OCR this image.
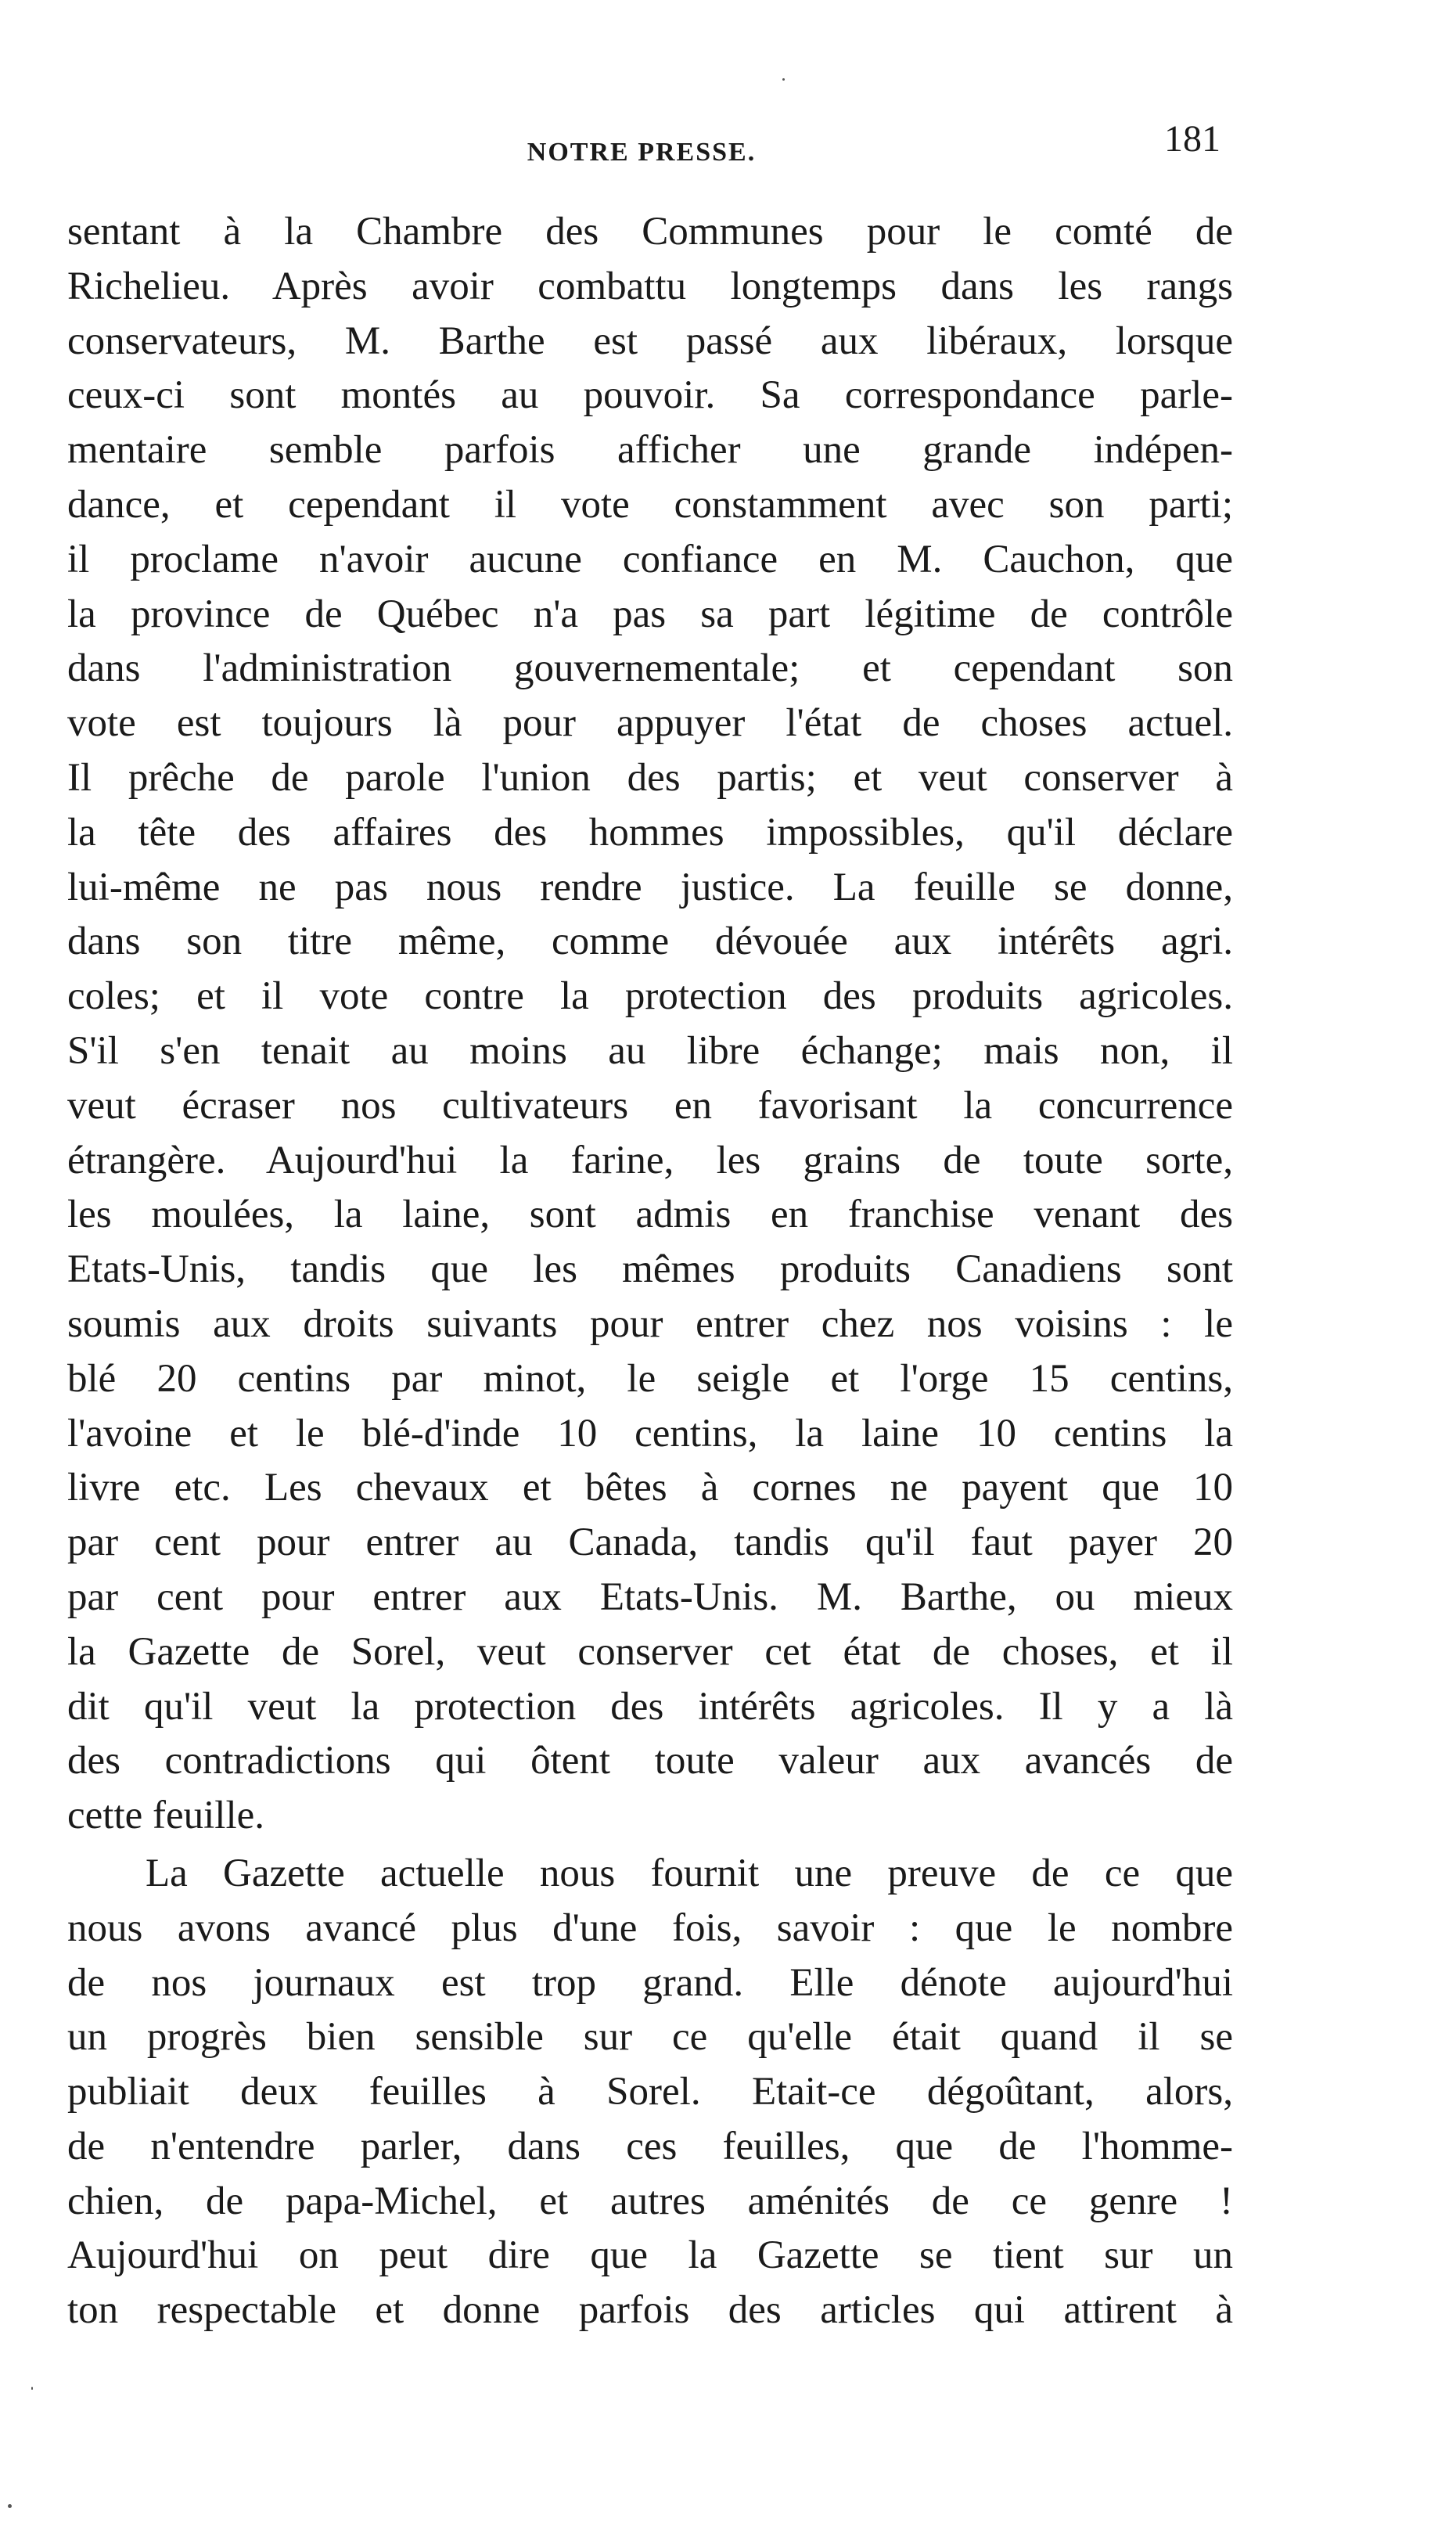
NOTRE PRESSE.	181

sentant à la Chambre des Communes pour le comté de
Richelieu. Après avoir combattu longtemps dans les rangs
conservateurs, M. Barthe est passé aux libéraux, lorsque
ceux-ci sont montés au pouvoir. Sa correspondance parle-
mentaire semble parfois afficher une grande indépen-
dance, et cependant il vote constamment avec son parti;
il proclame n'avoir aucune confiance en M. Cauchon, que
la province de Québec n'a pas sa part légitime de contrôle
dans l'administration gouvernementale; et cependant son
vote est toujours là pour appuyer l'état de choses actuel.
Il prêche de parole l'union des partis; et veut conserver à
la tête des affaires des hommes impossibles, qu'il déclare
lui-même ne pas nous rendre justice. La feuille se donne,
dans son titre même, comme dévouée aux intérêts agri.
coles; et il vote contre la protection des produits agricoles.
S'il s'en tenait au moins au libre échange; mais non, il
veut écraser nos cultivateurs en favorisant la concurrence
étrangère. Aujourd'hui la farine, les grains de toute sorte,
les moulées, la laine, sont admis en franchise venant des
Etats-Unis, tandis que les mêmes produits Canadiens sont
soumis aux droits suivants pour entrer chez nos voisins : le
blé 20 centins par minot, le seigle et l'orge 15 centins,
l'avoine et le blé-d'inde 10 centins, la laine 10 centins la
livre etc. Les chevaux et bêtes à cornes ne payent que 10
par cent pour entrer au Canada, tandis qu'il faut payer 20
par cent pour entrer aux Etats-Unis. M. Barthe, ou mieux
la Gazette de Sorel, veut conserver cet état de choses, et il
dit qu'il veut la protection des intérêts agricoles. Il y a là
des contradictions qui ôtent toute valeur aux avancés de
cette feuille.

La Gazette actuelle nous fournit une preuve de ce que
nous avons avancé plus d'une fois, savoir : que le nombre
de nos journaux est trop grand. Elle dénote aujourd'hui
un progrès bien sensible sur ce qu'elle était quand il se
publiait deux feuilles à Sorel. Etait-ce dégoûtant, alors,
de n'entendre parler, dans ces feuilles, que de l'homme-
chien, de papa-Michel, et autres aménités de ce genre !
Aujourd'hui on peut dire que la Gazette se tient sur un
ton respectable et donne parfois des articles qui attirent à
